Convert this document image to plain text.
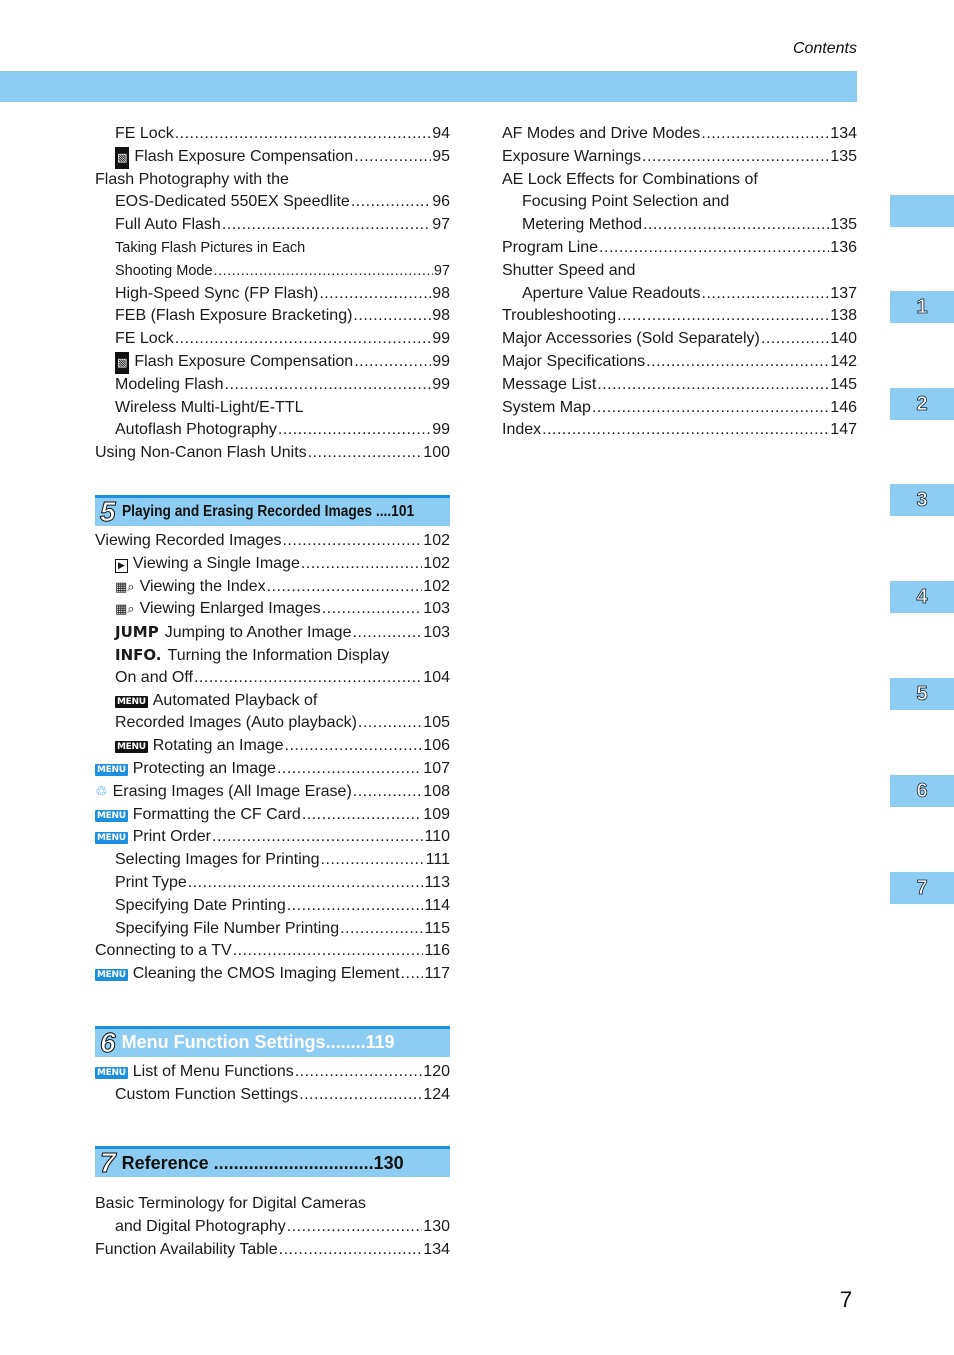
Contents
FE Lock .....	94
▧ Flash Exposure Compensation .....	95
Flash Photography with the
EOS-Dedicated 550EX Speedlite .....	96
Full Auto Flash .....	97
Taking Flash Pictures in Each
Shooting Mode .....	97
High-Speed Sync (FP Flash) .....	98
FEB (Flash Exposure Bracketing) .....	98
FE Lock .....	99
▧ Flash Exposure Compensation .....	99
Modeling Flash .....	99
Wireless Multi-Light/E-TTL
Autoflash Photography .....	99
Using Non-Canon Flash Units .....	100
5 Playing and Erasing Recorded Images ....101
Viewing Recorded Images .....	102
▶ Viewing a Single Image .....	102
▦⌕ Viewing the Index .....	102
▦⌕ Viewing Enlarged Images .....	103
JUMP Jumping to Another Image .....	103
INFO. Turning the Information Display
On and Off .....	104
MENU Automated Playback of
Recorded Images (Auto playback) .....	105
MENU Rotating an Image .....	106
MENU Protecting an Image .....	107
♲ Erasing Images (All Image Erase) .....	108
MENU Formatting the CF Card .....	109
MENU Print Order .....	110
Selecting Images for Printing .....	111
Print Type .....	113
Specifying Date Printing .....	114
Specifying File Number Printing .....	115
Connecting to a TV .....	116
MENU Cleaning the CMOS Imaging Element ..... 117
6 Menu Function Settings........119
MENU List of Menu Functions .....	120
Custom Function Settings .....	124
7 Reference ................................130
Basic Terminology for Digital Cameras
and Digital Photography .....	130
Function Availability Table .....	134
AF Modes and Drive Modes .....	134
Exposure Warnings .....	135
AE Lock Effects for Combinations of
Focusing Point Selection and
Metering Method .....	135
Program Line .....	136
Shutter Speed and
Aperture Value Readouts .....	137
Troubleshooting .....	138
Major Accessories (Sold Separately) .....	140
Major Specifications .....	142
Message List .....	145
System Map .....	146
Index .....	147
1
2
3
4
5
6
7
7
